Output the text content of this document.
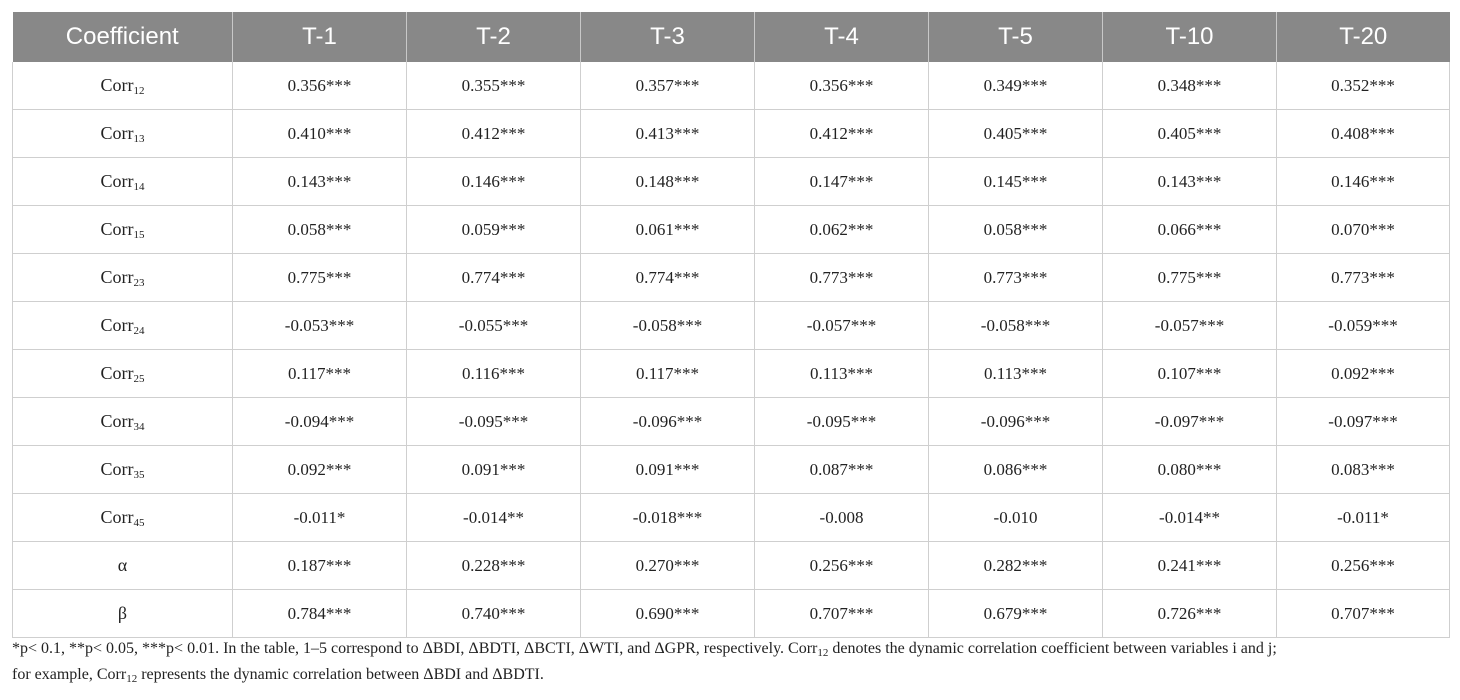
Coefficient	T-1	T-2	T-3	T-4	T-5	T-10	T-20
Corr$_{12}$	0.356***	0.355***	0.357***	0.356***	0.349***	0.348***	0.352***
Corr$_{13}$	0.410***	0.412***	0.413***	0.412***	0.405***	0.405***	0.408***
Corr$_{14}$	0.143***	0.146***	0.148***	0.147***	0.145***	0.143***	0.146***
Corr$_{15}$	0.058***	0.059***	0.061***	0.062***	0.058***	0.066***	0.070***
Corr$_{23}$	0.775***	0.774***	0.774***	0.773***	0.773***	0.775***	0.773***
Corr$_{24}$	-0.053***	-0.055***	-0.058***	-0.057***	-0.058***	-0.057***	-0.059***
Corr$_{25}$	0.117***	0.116***	0.117***	0.113***	0.113***	0.107***	0.092***
Corr$_{34}$	-0.094***	-0.095***	-0.096***	-0.095***	-0.096***	-0.097***	-0.097***
Corr$_{35}$	0.092***	0.091***	0.091***	0.087***	0.086***	0.080***	0.083***
Corr$_{45}$	-0.011*	-0.014**	-0.018***	-0.008	-0.010	-0.014**	-0.011*
α	0.187***	0.228***	0.270***	0.256***	0.282***	0.241***	0.256***
β	0.784***	0.740***	0.690***	0.707***	0.679***	0.726***	0.707***
*p< 0.1, **p< 0.05, ***p< 0.01. In the table, 1–5 correspond to ΔBDI, ΔBDTI, ΔBCTI, ΔWTI, and ΔGPR, respectively. Corr$_{12}$ denotes the dynamic correlation coefficient between variables i and j;
for example, Corr$_{12}$ represents the dynamic correlation between ΔBDI and ΔBDTI.
